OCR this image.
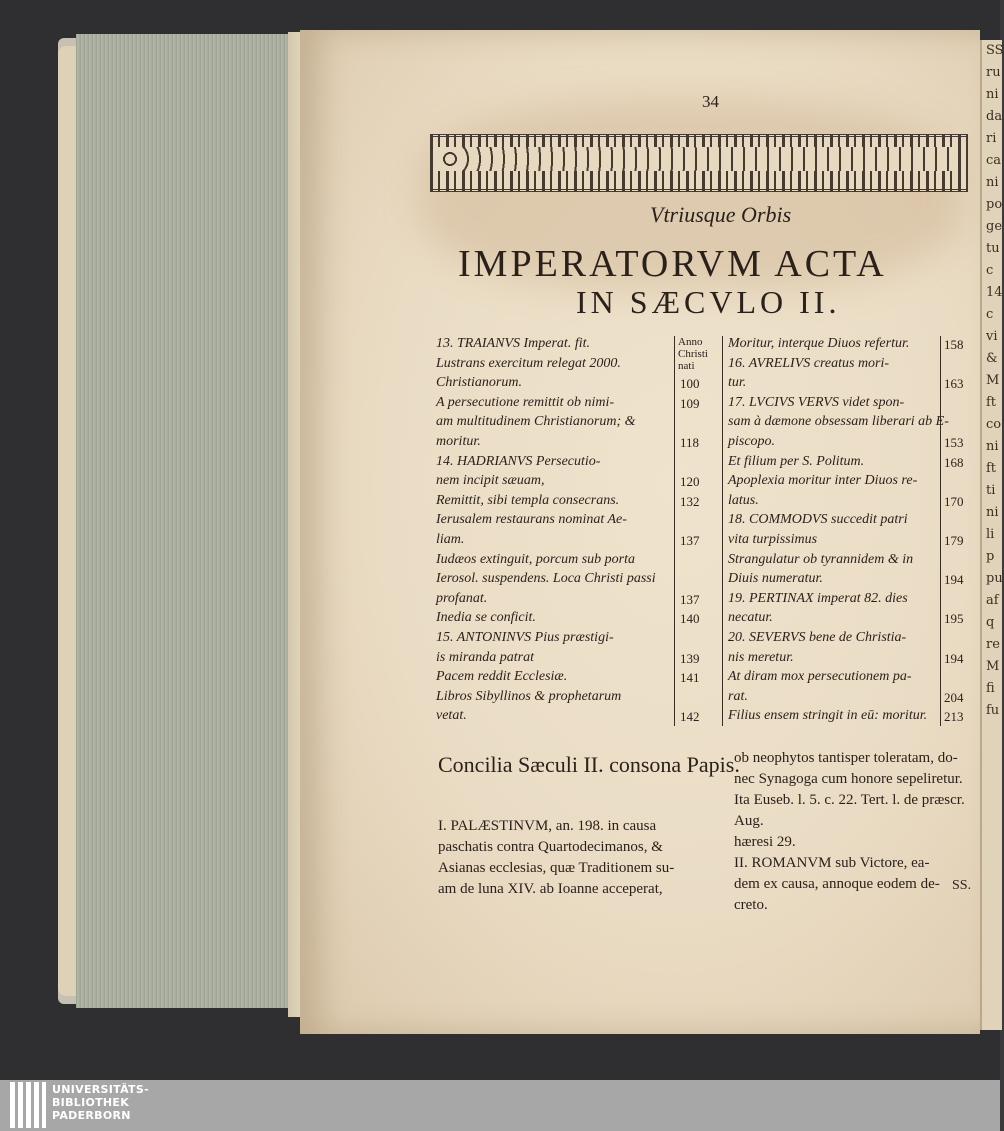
34

Vtriusque Orbis

IMPERATORVM ACTA

IN SÆCVLO II.

Anno Christi nati
13. TRAIANVS Imperat. fit.
Lustrans exercitum relegat 2000.
Christianorum.	100
A persecutione remittit ob nimi-	109
am multitudinem Christianorum; &
moritur.	118
14. HADRIANVS Persecutio-
nem incipit sæuam,	120
Remittit, sibi templa consecrans.	132
Ierusalem restaurans nominat Ae-
liam.	137
Iudæos extinguit, porcum sub porta
Ierosol. suspendens. Loca Christi passi
profanat.	137
Inedia se conficit.	140
15. ANTONINVS Pius præstigi-
is miranda patrat	139
Pacem reddit Ecclesiæ.	141
Libros Sibyllinos & prophetarum
vetat.	142
Moritur, interque Diuos refertur.	158
16. AVRELIVS creatus mori-
tur.	163
17. LVCIVS VERVS videt spon-
sam à dæmone obsessam liberari ab E-
piscopo.	153
Et filium per S. Politum.	168
Apoplexia moritur inter Diuos re-
latus.	170
18. COMMODVS succedit patri
vita turpissimus	179
Strangulatur ob tyrannidem & in
Diuis numeratur.	194
19. PERTINAX imperat 82. dies
necatur.	195
20. SEVERVS bene de Christia-
nis meretur.	194
At diram mox persecutionem pa-
rat.	204
Filius ensem stringit in eū: moritur. 213

Concilia Sæculi II. consona Papis.

I. PALÆSTINVM, an. 198. in causa
paschatis contra Quartodecimanos, &
Asianas ecclesias, quæ Traditionem su-
am de luna XIV. ab Ioanne acceperat,
ob neophytos tantisper toleratam, do-
nec Synagoga cum honore sepeliretur.
Ita Euseb. l. 5. c. 22. Tert. l. de præscr. Aug.
hæresi 29.
II. ROMANVM sub Victore, ea-
dem ex causa, annoque eodem de-
creto.

SS.

SS
ru
ni
da
ri
ca
ni
po
ge
tu
c
14
c
vi
&
M
ft
co
ni
ft
ti
ni
li
p
pu
af
q
re
M
fi
fu
UNIVERSITÄTS-
BIBLIOTHEK
PADERBORN
